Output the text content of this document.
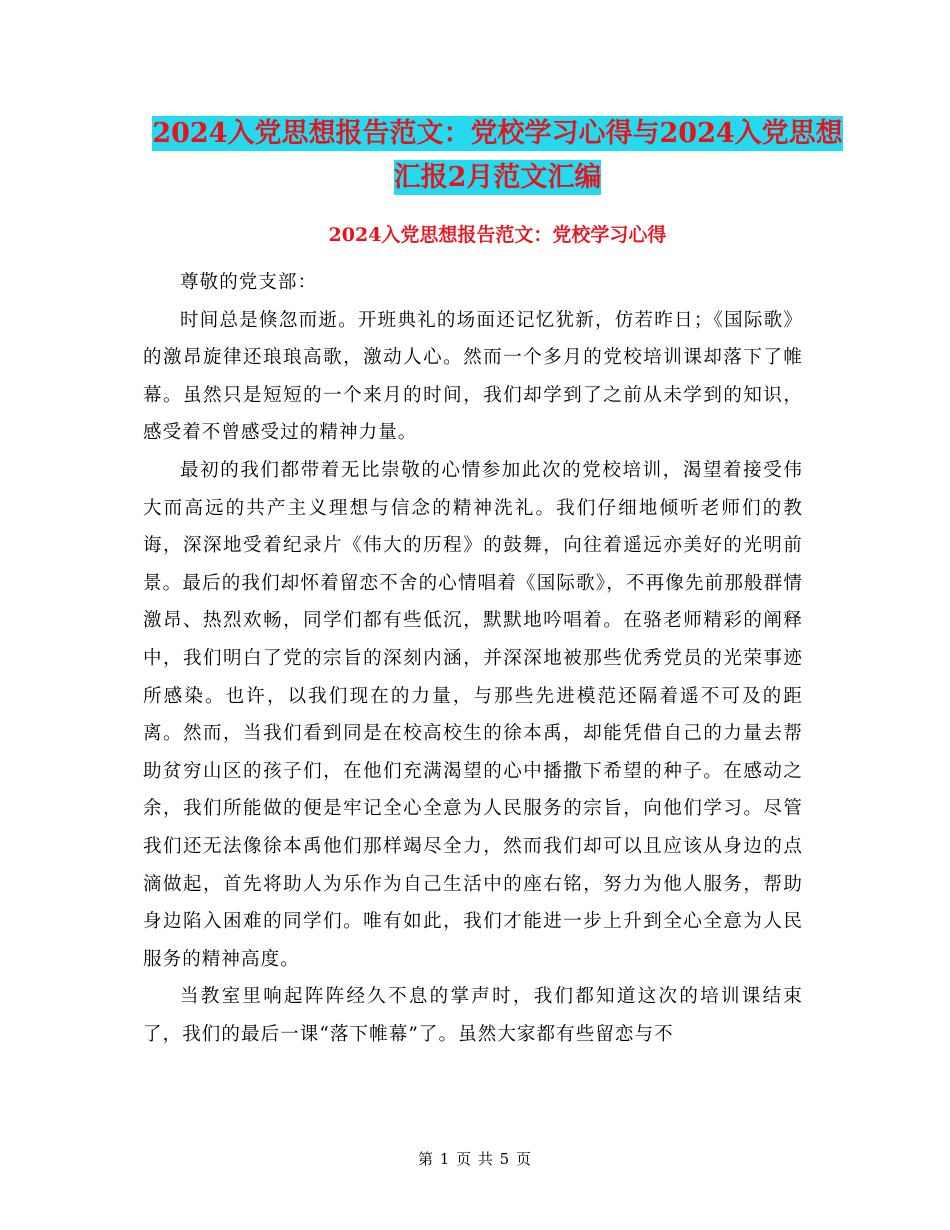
2024入党思想报告范文：党校学习心得与2024入党思想汇报2月范文汇编
2024入党思想报告范文：党校学习心得

尊敬的党支部：

时间总是倏忽而逝。开班典礼的场面还记忆犹新，仿若昨日；《国际歌》的激昂旋律还琅琅高歌，激动人心。然而一个多月的党校培训课却落下了帷幕。虽然只是短短的一个来月的时间，我们却学到了之前从未学到的知识，感受着不曾感受过的精神力量。

最初的我们都带着无比崇敬的心情参加此次的党校培训，渴望着接受伟大而高远的共产主义理想与信念的精神洗礼。我们仔细地倾听老师们的教诲，深深地受着纪录片《伟大的历程》的鼓舞，向往着遥远亦美好的光明前景。最后的我们却怀着留恋不舍的心情唱着《国际歌》，不再像先前那般群情激昂、热烈欢畅，同学们都有些低沉，默默地吟唱着。在骆老师精彩的阐释中，我们明白了党的宗旨的深刻内涵，并深深地被那些优秀党员的光荣事迹所感染。也许，以我们现在的力量，与那些先进模范还隔着遥不可及的距离。然而，当我们看到同是在校高校生的徐本禹，却能凭借自己的力量去帮助贫穷山区的孩子们，在他们充满渴望的心中播撒下希望的种子。在感动之余，我们所能做的便是牢记全心全意为人民服务的宗旨，向他们学习。尽管我们还无法像徐本禹他们那样竭尽全力，然而我们却可以且应该从身边的点滴做起，首先将助人为乐作为自己生活中的座右铭，努力为他人服务，帮助身边陷入困难的同学们。唯有如此，我们才能进一步上升到全心全意为人民服务的精神高度。

当教室里响起阵阵经久不息的掌声时，我们都知道这次的培训课结束了，我们的最后一课“落下帷幕”了。虽然大家都有些留恋与不

第 1 页 共 5 页
